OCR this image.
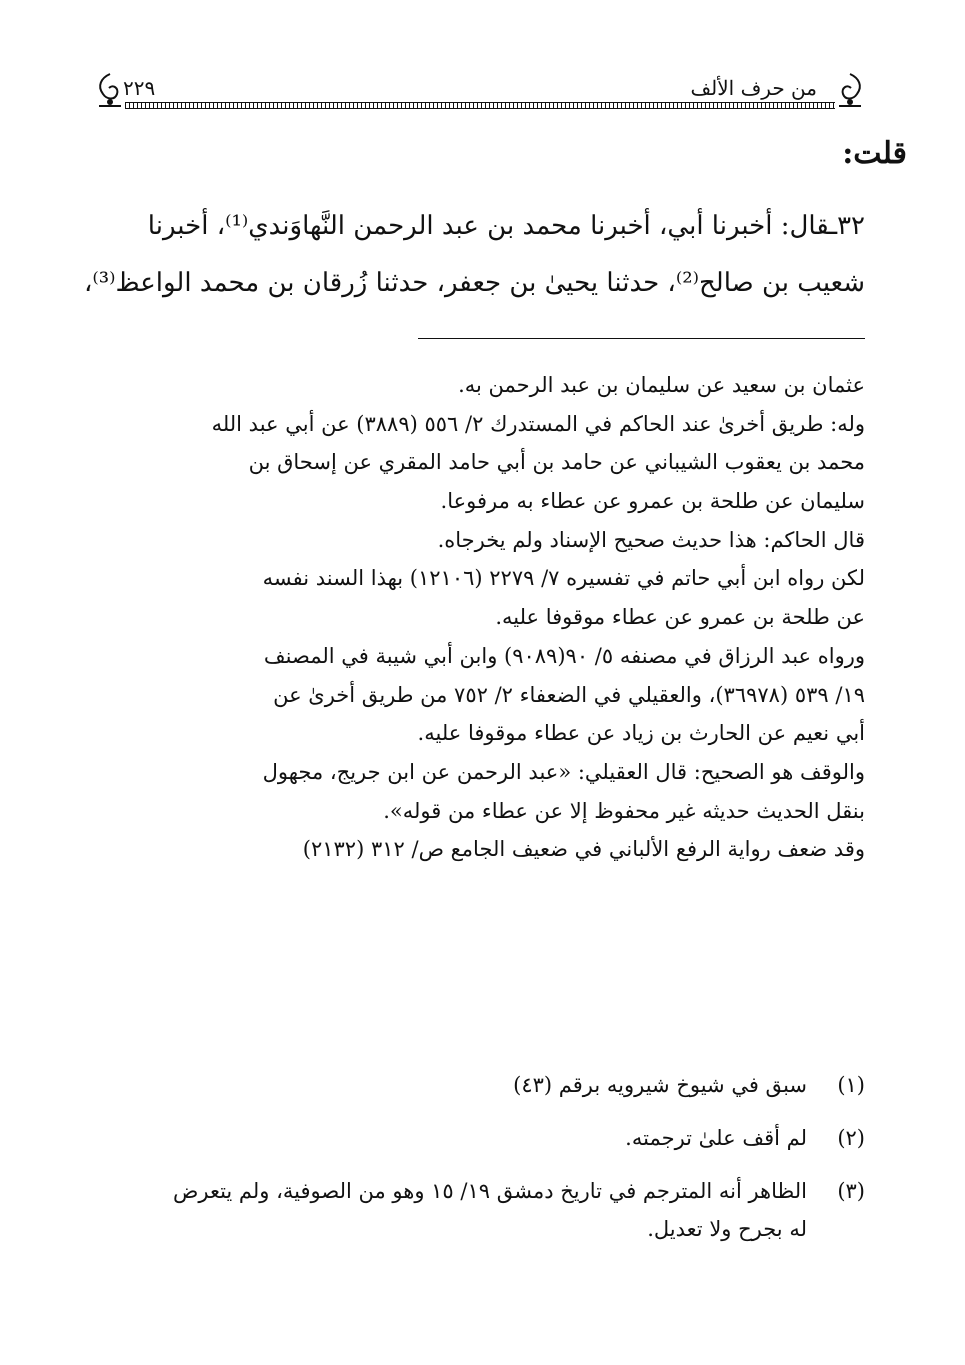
من حرف الألف
٢٢٩
قلت:
٣٢ـقال: أخبرنا أبي، أخبرنا محمد بن عبد الرحمن النَّهاوَندي⁽¹⁾، أخبرنا
شعيب بن صالح⁽²⁾، حدثنا يحيىٰ بن جعفر، حدثنا زُرقان بن محمد الواعظ⁽³⁾،
عثمان بن سعيد عن سليمان بن عبد الرحمن به.
وله: طريق أخرىٰ عند الحاكم في المستدرك ٢/ ٥٥٦ (٣٨٨٩) عن أبي عبد الله
محمد بن يعقوب الشيباني عن حامد بن أبي حامد المقري عن إسحاق بن
سليمان عن طلحة بن عمرو عن عطاء به مرفوعا.
قال الحاكم: هذا حديث صحيح الإسناد ولم يخرجاه.
لكن رواه ابن أبي حاتم في تفسيره ٧/ ٢٢٧٩ (١٢١٠٦) بهذا السند نفسه
عن طلحة بن عمرو عن عطاء موقوفا عليه.
ورواه عبد الرزاق في مصنفه ٥/ ٩٠(٩٠٨٩) وابن أبي شيبة في المصنف
١٩/ ٥٣٩ (٣٦٩٧٨)، والعقيلي في الضعفاء ٢/ ٧٥٢ من طريق أخرىٰ عن
أبي نعيم عن الحارث بن زياد عن عطاء موقوفا عليه.
والوقف هو الصحيح: قال العقيلي: «عبد الرحمن عن ابن جريج، مجهول
بنقل الحديث حديثه غير محفوظ إلا عن عطاء من قوله».
وقد ضعف رواية الرفع الألباني في ضعيف الجامع ص/ ٣١٢ (٢١٣٢)
(١)
سبق في شيوخ شيرويه برقم (٤٣)
(٢)
لم أقف علىٰ ترجمته.
(٣)
الظاهر أنه المترجم في تاريخ دمشق ١٩/ ١٥ وهو من الصوفية، ولم يتعرض
له بجرح ولا تعديل.
